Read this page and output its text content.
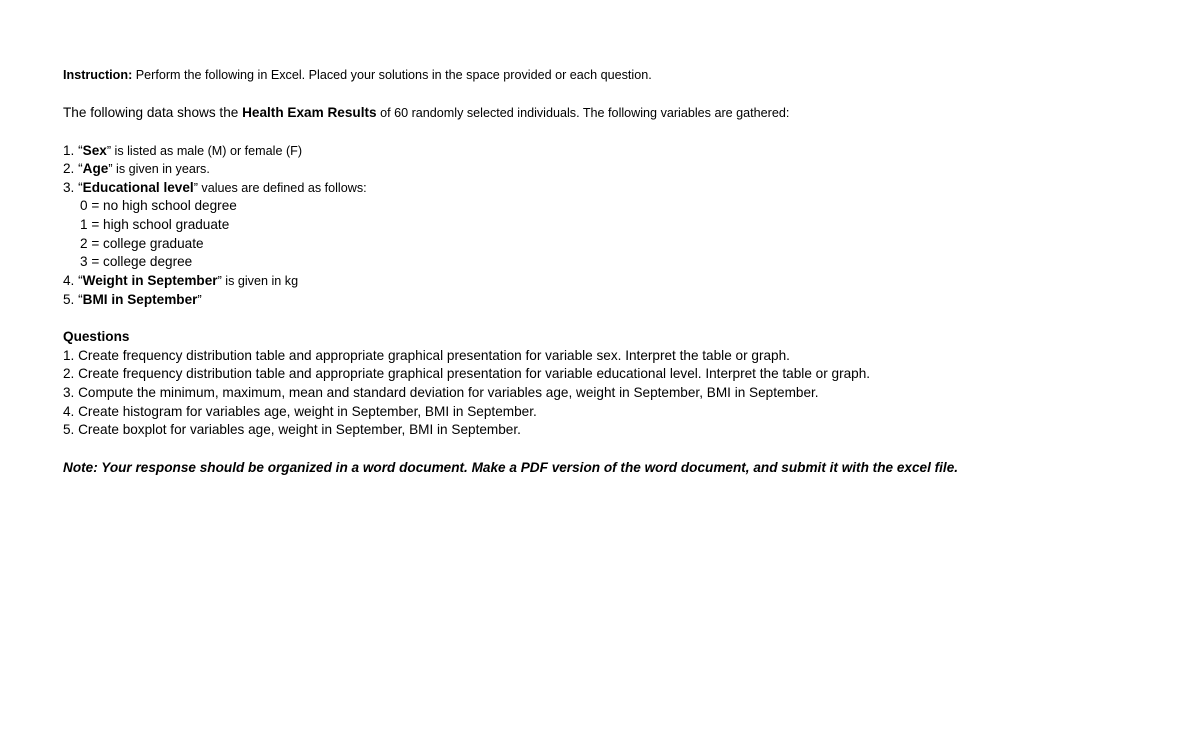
Instruction: Perform the following in Excel. Placed your solutions in the space provided or each question.
The following data shows the Health Exam Results of 60 randomly selected individuals. The following variables are gathered:
1. “Sex” is listed as male (M) or female (F)
2. “Age” is given in years.
3. “Educational level” values are defined as follows:
0 = no high school degree
1 = high school graduate
2 = college graduate
3 = college degree
4. “Weight in September” is given in kg
5. “BMI in September”
Questions
1. Create frequency distribution table and appropriate graphical presentation for variable sex. Interpret the table or graph.
2. Create frequency distribution table and appropriate graphical presentation for variable educational level. Interpret the table or graph.
3. Compute the minimum, maximum, mean and standard deviation for variables age, weight in September, BMI in September.
4. Create histogram for variables age, weight in September, BMI in September.
5. Create boxplot for variables age, weight in September, BMI in September.
Note: Your response should be organized in a word document. Make a PDF version of the word document, and submit it with the excel file.
